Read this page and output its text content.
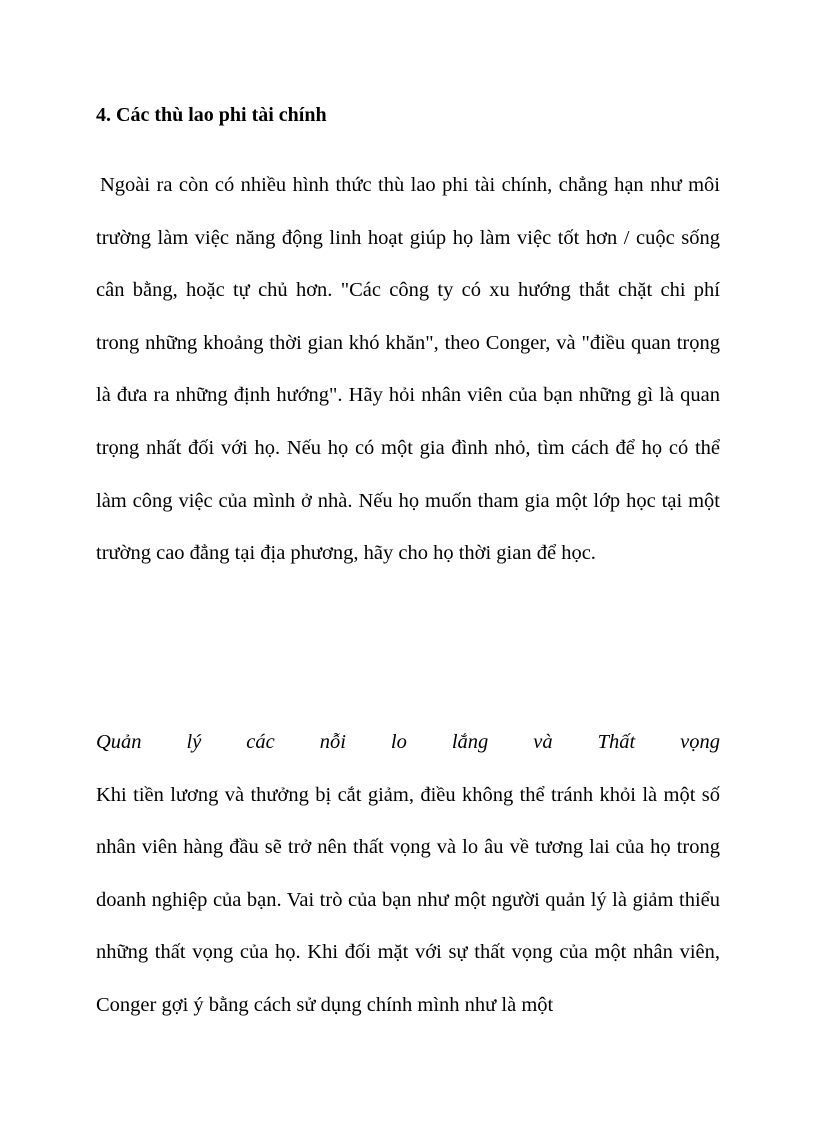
4. Các thù lao phi tài chính
Ngoài ra còn có nhiều hình thức thù lao phi tài chính, chẳng hạn như môi trường làm việc năng động linh hoạt giúp họ làm việc tốt hơn / cuộc sống cân bằng, hoặc tự chủ hơn. "Các công ty có xu hướng thắt chặt chi phí trong những khoảng thời gian khó khăn", theo Conger, và "điều quan trọng là đưa ra những định hướng". Hãy hỏi nhân viên của bạn những gì là quan trọng nhất đối với họ. Nếu họ có một gia đình nhỏ, tìm cách để họ có thể làm công việc của mình ở nhà. Nếu họ muốn tham gia một lớp học tại một trường cao đẳng tại địa phương, hãy cho họ thời gian để học.
Quản lý các nỗi lo lắng và Thất vọng
Khi tiền lương và thưởng bị cắt giảm, điều không thể tránh khỏi là một số nhân viên hàng đầu sẽ trở nên thất vọng và lo âu về tương lai của họ trong doanh nghiệp của bạn. Vai trò của bạn như một người quản lý là giảm thiểu những thất vọng của họ. Khi đối mặt với sự thất vọng của một nhân viên, Conger gợi ý bằng cách sử dụng chính mình như là một
